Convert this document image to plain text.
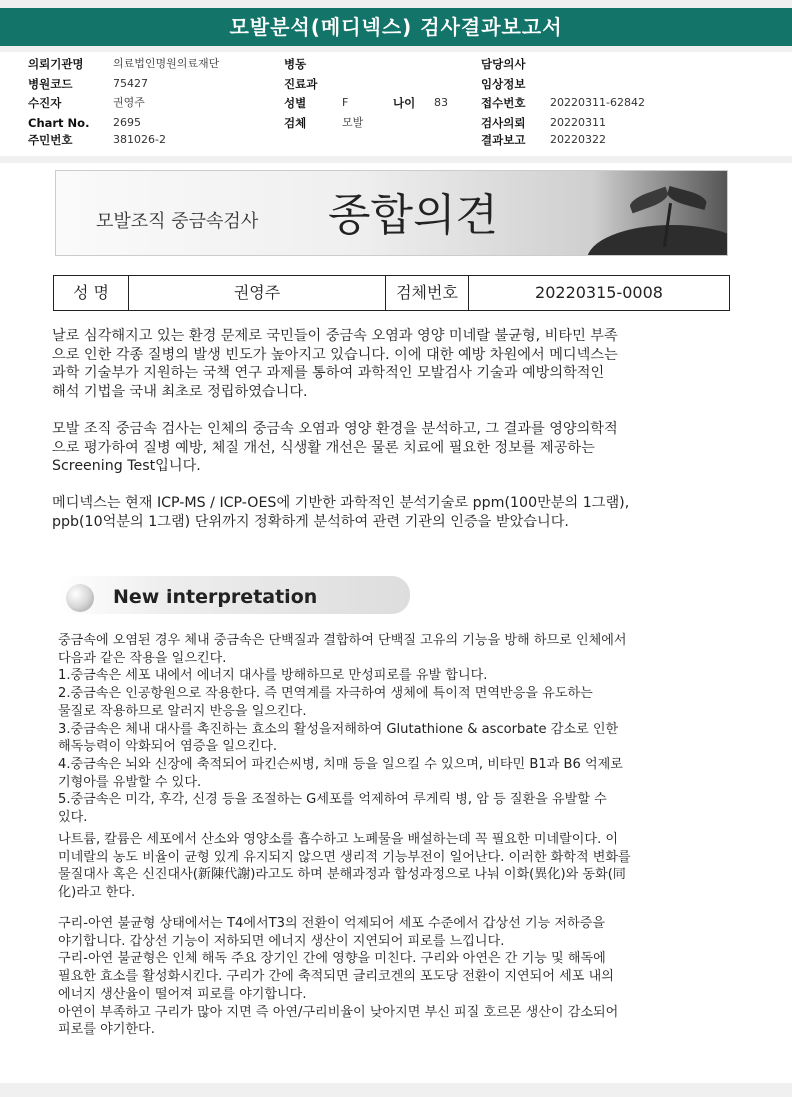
모발분석(메디넥스) 검사결과보고서
의뢰기관명	의료법인명원의료재단
병원코드	75427
수진자	권영주
Chart No. 2695
주민번호	381026-2
병동
진료과
성별	F	나이 83
검체	모발
담당의사
임상정보
접수번호 20220311-62842
검사의뢰 20220311
결과보고 20220322
모발조직 중금속검사 종합의견
성 명	권영주	검체번호	20220315-0008
날로 심각해지고 있는 환경 문제로 국민들이 중금속 오염과 영양 미네랄 불균형, 비타민 부족
으로 인한 각종 질병의 발생 빈도가 높아지고 있습니다. 이에 대한 예방 차원에서 메디넥스는
과학 기술부가 지원하는 국책 연구 과제를 통하여 과학적인 모발검사 기술과 예방의학적인
해석 기법을 국내 최초로 정립하였습니다.
모발 조직 중금속 검사는 인체의 중금속 오염과 영양 환경을 분석하고, 그 결과를 영양의학적
으로 평가하여 질병 예방, 체질 개선, 식생활 개선은 물론 치료에 필요한 정보를 제공하는
Screening Test입니다.
메디넥스는 현재 ICP-MS / ICP-OES에 기반한 과학적인 분석기술로 ppm(100만분의 1그램),
ppb(10억분의 1그램) 단위까지 정확하게 분석하여 관련 기관의 인증을 받았습니다.
New interpretation
중금속에 오염된 경우 체내 중금속은 단백질과 결합하여 단백질 고유의 기능을 방해 하므로 인체에서
다음과 같은 작용을 일으킨다.
1.중금속은 세포 내에서 에너지 대사를 방해하므로 만성피로를 유발 합니다.
2.중금속은 인공항원으로 작용한다. 즉 면역계를 자극하여 생체에 특이적 면역반응을 유도하는
물질로 작용하므로 알러지 반응을 일으킨다.
3.중금속은 체내 대사를 촉진하는 효소의 활성을저해하여 Glutathione & ascorbate 감소로 인한
해독능력이 악화되어 염증을 일으킨다.
4.중금속은 뇌와 신장에 축적되어 파킨슨씨병, 치매 등을 일으킬 수 있으며, 비타민 B1과 B6 억제로
기형아를 유발할 수 있다.
5.중금속은 미각, 후각, 신경 등을 조절하는 G세포를 억제하여 루게릭 병, 암 등 질환을 유발할 수
있다.
나트륨, 칼륨은 세포에서 산소와 영양소를 흡수하고 노폐물을 배설하는데 꼭 필요한 미네랄이다. 이
미네랄의 농도 비율이 균형 있게 유지되지 않으면 생리적 기능부전이 일어난다. 이러한 화학적 변화를
물질대사 혹은 신진대사(新陳代謝)라고도 하며 분해과정과 합성과정으로 나눠 이화(異化)와 동화(同
化)라고 한다.
구리-아연 불균형 상태에서는 T4에서T3의 전환이 억제되어 세포 수준에서 갑상선 기능 저하증을
야기합니다. 갑상선 기능이 저하되면 에너지 생산이 지연되어 피로를 느낍니다.
구리-아연 불균형은 인체 해독 주요 장기인 간에 영향을 미친다. 구리와 아연은 간 기능 및 해독에
필요한 효소를 활성화시킨다. 구리가 간에 축적되면 글리코겐의 포도당 전환이 지연되어 세포 내의
에너지 생산율이 떨어져 피로를 야기합니다.
아연이 부족하고 구리가 많아 지면 즉 아연/구리비율이 낮아지면 부신 피질 호르몬 생산이 감소되어
피로를 야기한다.
